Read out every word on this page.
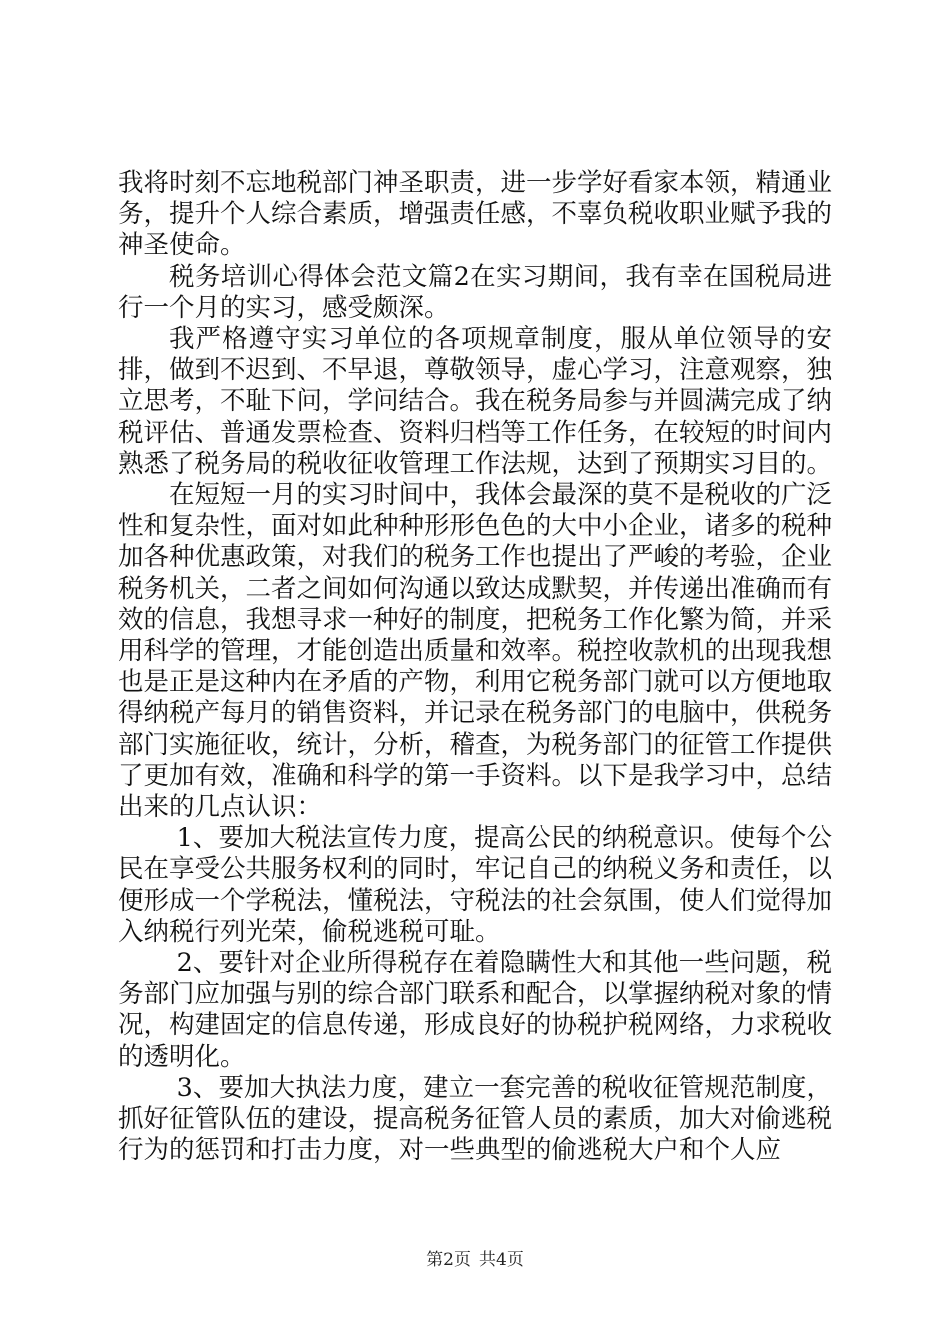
我将时刻不忘地税部门神圣职责，进一步学好看家本领，精通业务，提升个人综合素质，增强责任感，不辜负税收职业赋予我的神圣使命。

税务培训心得体会范文篇2在实习期间，我有幸在国税局进行一个月的实习，感受颇深。

我严格遵守实习单位的各项规章制度，服从单位领导的安排，做到不迟到、不早退，尊敬领导，虚心学习，注意观察，独立思考，不耻下问，学问结合。我在税务局参与并圆满完成了纳税评估、普通发票检查、资料归档等工作任务，在较短的时间内熟悉了税务局的税收征收管理工作法规，达到了预期实习目的。

在短短一月的实习时间中，我体会最深的莫不是税收的广泛性和复杂性，面对如此种种形形色色的大中小企业，诸多的税种加各种优惠政策，对我们的税务工作也提出了严峻的考验，企业税务机关，二者之间如何沟通以致达成默契，并传递出准确而有效的信息，我想寻求一种好的制度，把税务工作化繁为简，并采用科学的管理，才能创造出质量和效率。税控收款机的出现我想也是正是这种内在矛盾的产物，利用它税务部门就可以方便地取得纳税产每月的销售资料，并记录在税务部门的电脑中，供税务部门实施征收，统计，分析，稽查，为税务部门的征管工作提供了更加有效，准确和科学的第一手资料。以下是我学习中，总结出来的几点认识：

1、要加大税法宣传力度，提高公民的纳税意识。使每个公民在享受公共服务权利的同时，牢记自己的纳税义务和责任，以便形成一个学税法，懂税法，守税法的社会氛围，使人们觉得加入纳税行列光荣，偷税逃税可耻。

2、要针对企业所得税存在着隐瞒性大和其他一些问题，税务部门应加强与别的综合部门联系和配合，以掌握纳税对象的情况，构建固定的信息传递，形成良好的协税护税网络，力求税收的透明化。

3、要加大执法力度，建立一套完善的税收征管规范制度，抓好征管队伍的建设，提高税务征管人员的素质，加大对偷逃税行为的惩罚和打击力度，对一些典型的偷逃税大户和个人应

第2页 共4页
